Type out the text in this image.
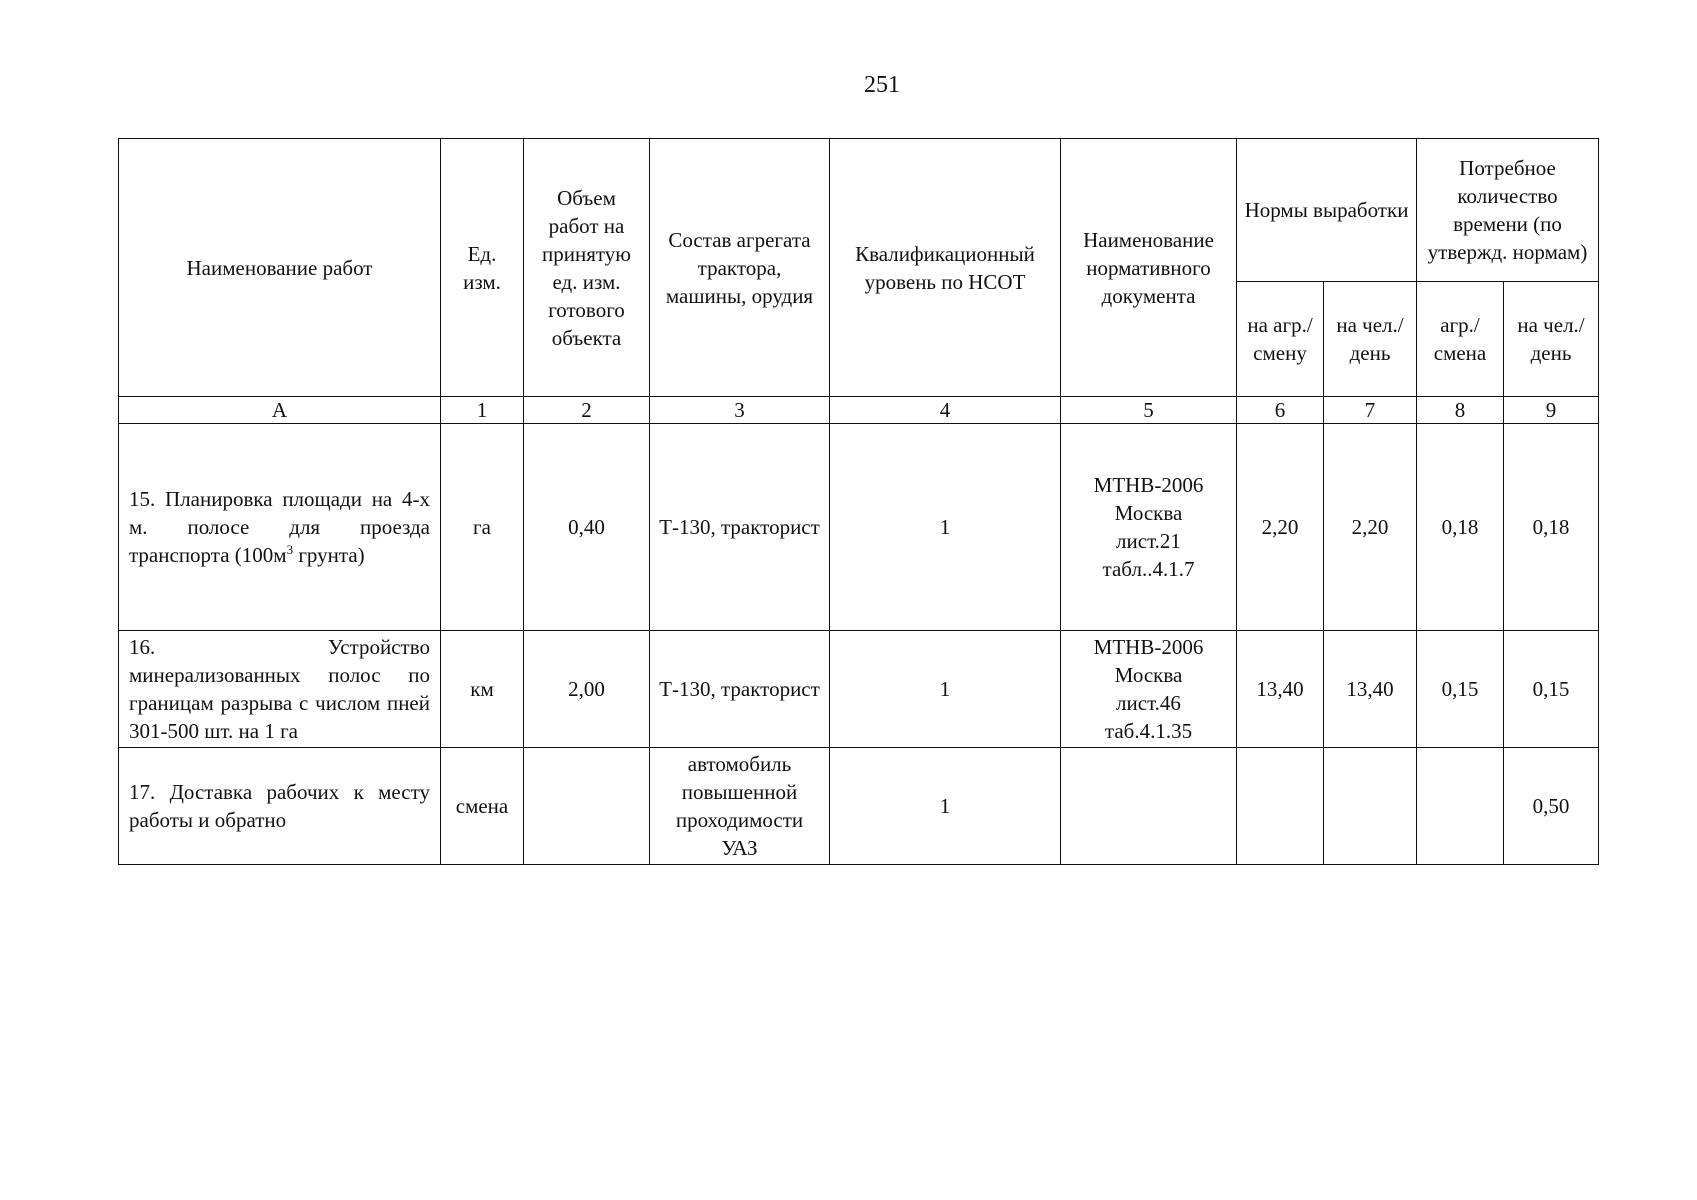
251
Наименование работ	Ед. изм.	Объем работ на принятую ед. изм. готового объекта	Состав агрегата трактора, машины, орудия	Квалификационный уровень по НСОТ	Наименование нормативного документа	Нормы выработки		Потребное количество времени (по утвержд. нормам)	
						на агр./ смену	на чел./ день	агр./ смена	на чел./ день
А	1	2	3	4	5	6	7	8	9
15. Планировка площади на 4-х м. полосе для проезда транспорта ($100м^3$ грунта)	га	0,40	Т-130, тракторист	1	МТНВ-2006
Москва
лист.21
табл..4.1.7	2,20	2,20	0,18	0,18
16. Устройство минерализованных полос по границам разрыва с числом пней 301-500 шт. на 1 га	км	2,00	Т-130, тракторист	1	МТНВ-2006
Москва
лист.46
таб.4.1.35	13,40	13,40	0,15	0,15
17. Доставка рабочих к месту работы и обратно	смена		автомобиль повышенной проходимости УАЗ	1					0,50
